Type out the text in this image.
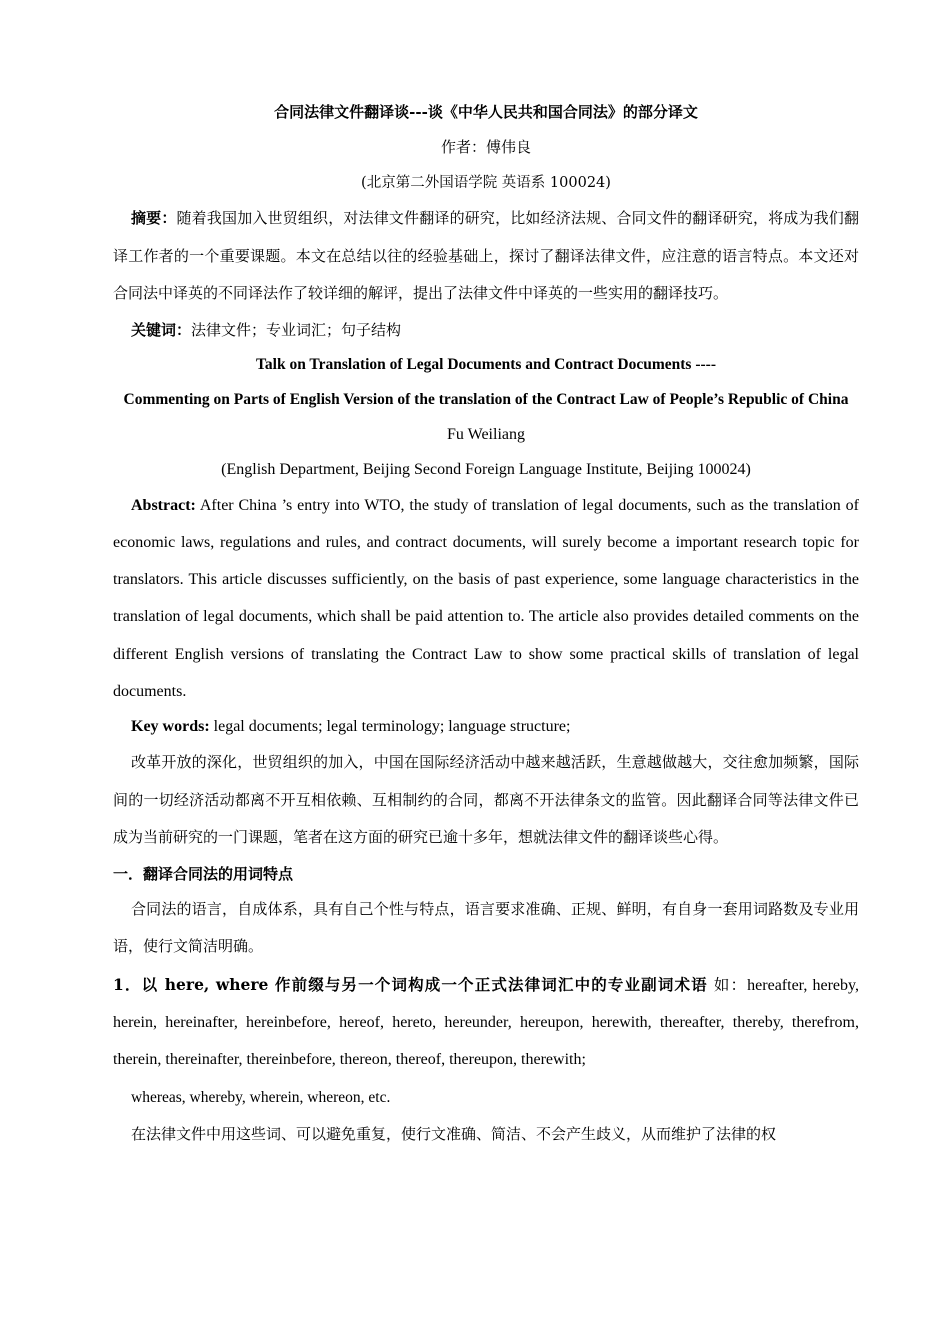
合同法律文件翻译谈---谈《中华人民共和国合同法》的部分译文

作者：傅伟良

(北京第二外国语学院 英语系 100024)

摘要：随着我国加入世贸组织，对法律文件翻译的研究，比如经济法规、合同文件的翻译研究，将成为我们翻译工作者的一个重要课题。本文在总结以往的经验基础上，探讨了翻译法律文件，应注意的语言特点。本文还对合同法中译英的不同译法作了较详细的解评，提出了法律文件中译英的一些实用的翻译技巧。

关键词：法律文件；专业词汇；句子结构

Talk on Translation of Legal Documents and Contract Documents ----

Commenting on Parts of English Version of the translation of the Contract Law of People’s Republic of China

Fu Weiliang

(English Department, Beijing Second Foreign Language Institute, Beijing 100024)

Abstract: After China ’s entry into WTO, the study of translation of legal documents, such as the translation of economic laws, regulations and rules, and contract documents, will surely become a important research topic for translators. This article discusses sufficiently, on the basis of past experience, some language characteristics in the translation of legal documents, which shall be paid attention to. The article also provides detailed comments on the different English versions of translating the Contract Law to show some practical skills of translation of legal documents.

Key words: legal documents; legal terminology; language structure;

改革开放的深化，世贸组织的加入，中国在国际经济活动中越来越活跃，生意越做越大，交往愈加频繁，国际间的一切经济活动都离不开互相依赖、互相制约的合同，都离不开法律条文的监管。因此翻译合同等法律文件已成为当前研究的一门课题，笔者在这方面的研究已逾十多年，想就法律文件的翻译谈些心得。

一．翻译合同法的用词特点

合同法的语言，自成体系，具有自己个性与特点，语言要求准确、正规、鲜明，有自身一套用词路数及专业用语，使行文简洁明确。

1．以 here, where 作前缀与另一个词构成一个正式法律词汇中的专业副词术语 如：hereafter, hereby, herein, hereinafter, hereinbefore, hereof, hereto, hereunder, hereupon, herewith, thereafter, thereby, therefrom, therein, thereinafter, thereinbefore, thereon, thereof, thereupon, therewith;

whereas, whereby, wherein, whereon, etc.

在法律文件中用这些词、可以避免重复，使行文准确、简洁、不会产生歧义，从而维护了法律的权
